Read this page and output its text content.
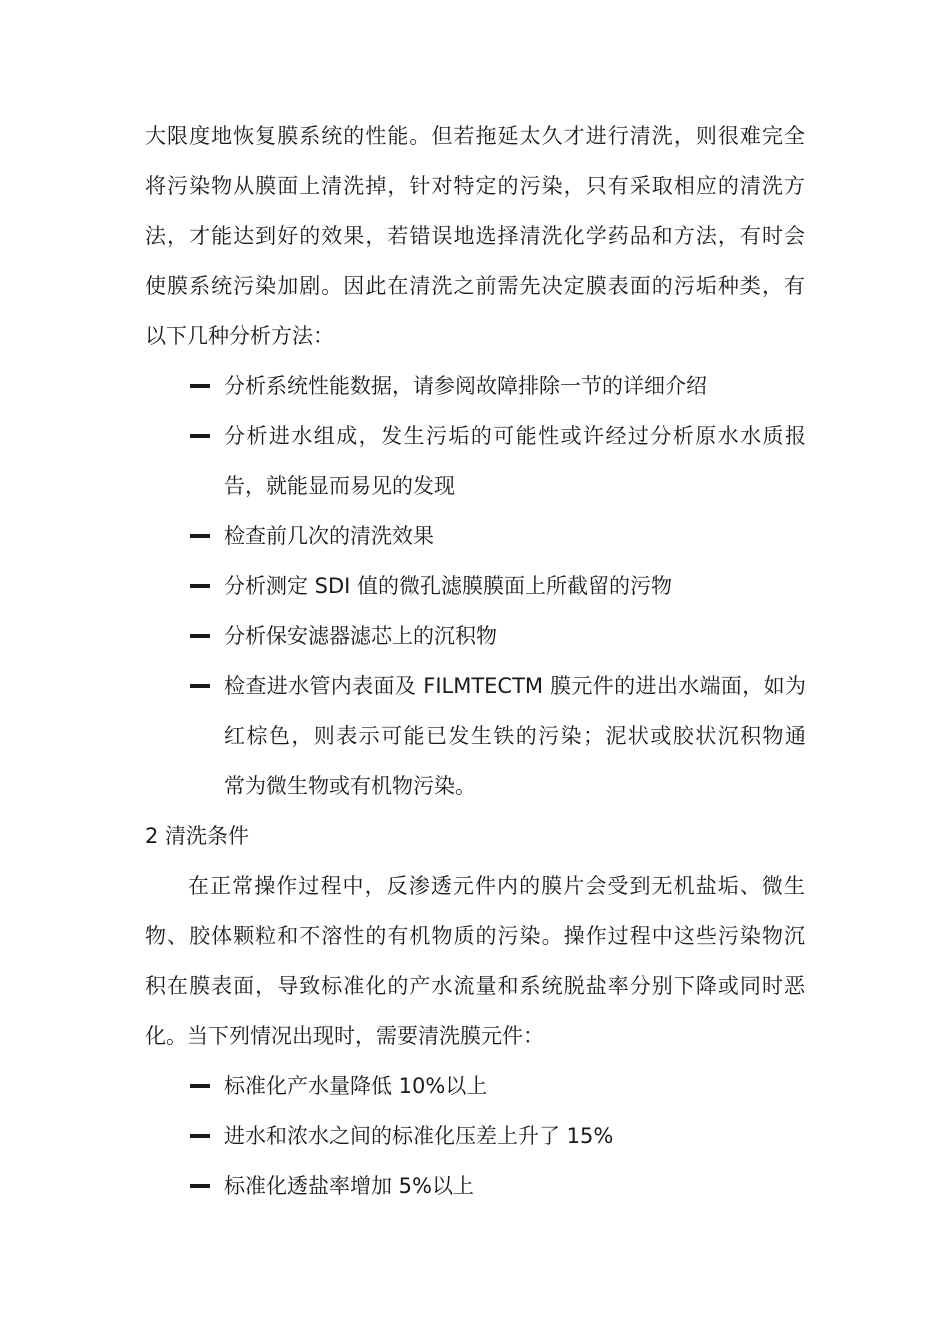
大限度地恢复膜系统的性能。但若拖延太久才进行清洗，则很难完全
将污染物从膜面上清洗掉，针对特定的污染，只有采取相应的清洗方
法，才能达到好的效果，若错误地选择清洗化学药品和方法，有时会
使膜系统污染加剧。因此在清洗之前需先决定膜表面的污垢种类，有
以下几种分析方法：
分析系统性能数据，请参阅故障排除一节的详细介绍
分析进水组成，发生污垢的可能性或许经过分析原水水质报
告，就能显而易见的发现
检查前几次的清洗效果
分析测定 SDI 值的微孔滤膜膜面上所截留的污物
分析保安滤器滤芯上的沉积物
检查进水管内表面及 FILMTECTM 膜元件的进出水端面，如为
红棕色，则表示可能已发生铁的污染；泥状或胶状沉积物通
常为微生物或有机物污染。
2 清洗条件
在正常操作过程中，反渗透元件内的膜片会受到无机盐垢、微生
物、胶体颗粒和不溶性的有机物质的污染。操作过程中这些污染物沉
积在膜表面，导致标准化的产水流量和系统脱盐率分别下降或同时恶
化。当下列情况出现时，需要清洗膜元件：
标准化产水量降低 10%以上
进水和浓水之间的标准化压差上升了 15%
标准化透盐率增加 5%以上
